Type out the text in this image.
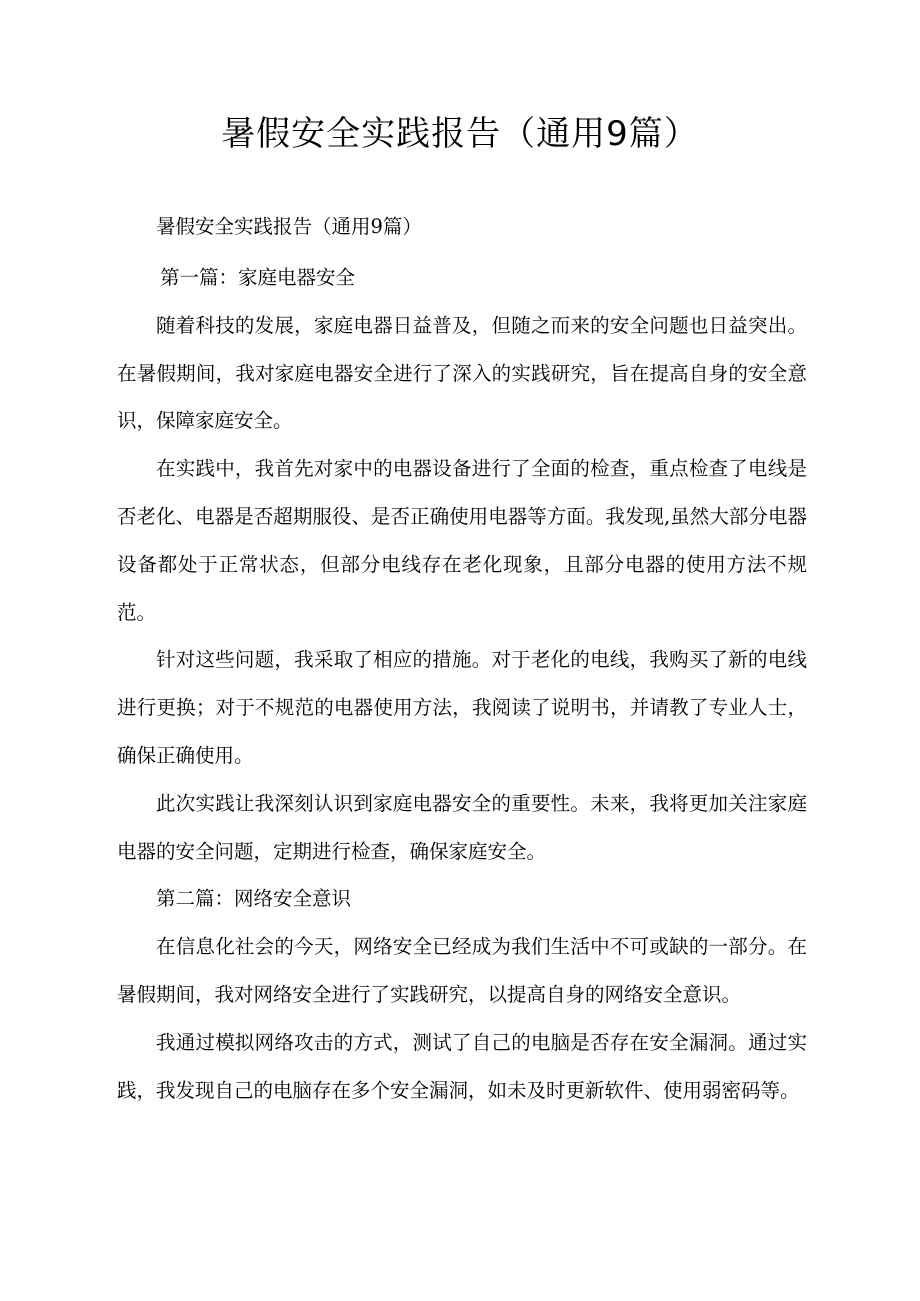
暑假安全实践报告（通用9篇）

暑假安全实践报告（通用9篇）

第一篇：家庭电器安全

随着科技的发展，家庭电器日益普及，但随之而来的安全问题也日益突出。在暑假期间，我对家庭电器安全进行了深入的实践研究，旨在提高自身的安全意识，保障家庭安全。

在实践中，我首先对家中的电器设备进行了全面的检查，重点检查了电线是否老化、电器是否超期服役、是否正确使用电器等方面。我发现,虽然大部分电器设备都处于正常状态，但部分电线存在老化现象，且部分电器的使用方法不规范。

针对这些问题，我采取了相应的措施。对于老化的电线，我购买了新的电线进行更换；对于不规范的电器使用方法，我阅读了说明书，并请教了专业人士，确保正确使用。

此次实践让我深刻认识到家庭电器安全的重要性。未来，我将更加关注家庭电器的安全问题，定期进行检查，确保家庭安全。

第二篇：网络安全意识

在信息化社会的今天，网络安全已经成为我们生活中不可或缺的一部分。在暑假期间，我对网络安全进行了实践研究，以提高自身的网络安全意识。

我通过模拟网络攻击的方式，测试了自己的电脑是否存在安全漏洞。通过实践，我发现自己的电脑存在多个安全漏洞，如未及时更新软件、使用弱密码等。
